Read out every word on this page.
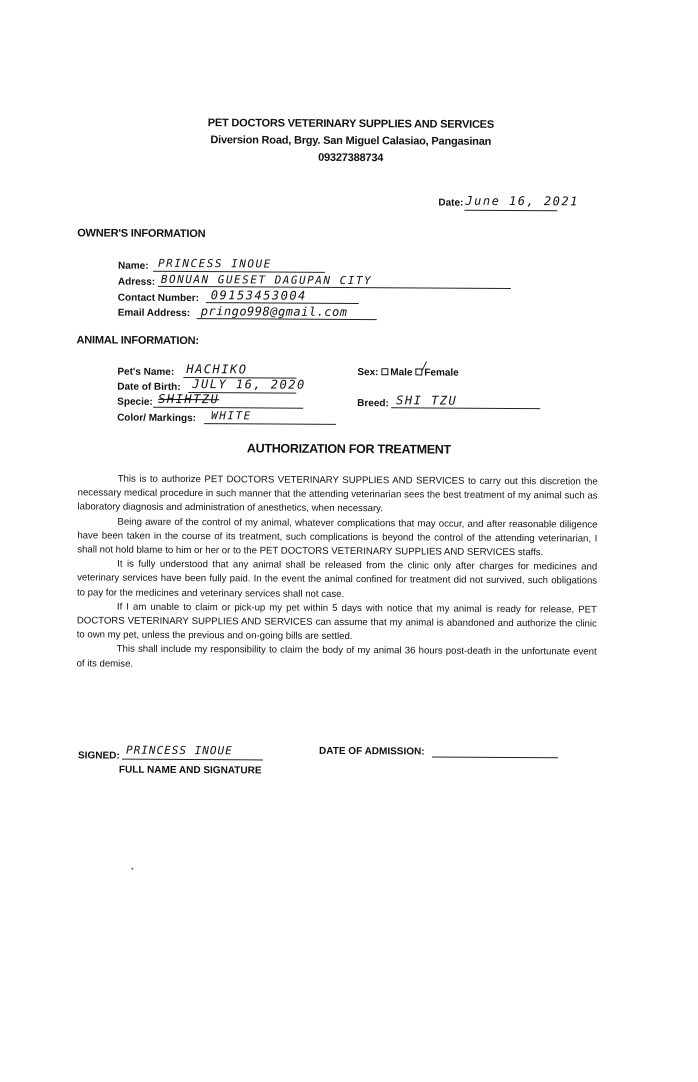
PET DOCTORS VETERINARY SUPPLIES AND SERVICES
Diversion Road, Brgy. San Miguel Calasiao, Pangasinan
09327388734
Date: June 16, 2021
OWNER'S INFORMATION
Name: PRINCESS INOUE
Adress: BONUAN GUESET DAGUPAN CITY
Contact Number: 09153453004
Email Address: pringo998@gmail.com
ANIMAL INFORMATION:
Pet's Name: HACHIKO
Date of Birth: JULY 16, 2020
Specie: SHIHTZU
Color/ Markings: WHITE
Sex: Male Female
/
Breed: SHI TZU
AUTHORIZATION FOR TREATMENT

This is to authorize PET DOCTORS VETERINARY SUPPLIES AND SERVICES to carry out this discretion the necessary medical procedure in such manner that the attending veterinarian sees the best treatment of my animal such as laboratory diagnosis and administration of anesthetics, when necessary.

Being aware of the control of my animal, whatever complications that may occur, and after reasonable diligence have been taken in the course of its treatment, such complications is beyond the control of the attending veterinarian, I shall not hold blame to him or her or to the PET DOCTORS VETERINARY SUPPLIES AND SERVICES staffs.

It is fully understood that any animal shall be released from the clinic only after charges for medicines and veterinary services have been fully paid. In the event the animal confined for treatment did not survived, such obligations to pay for the medicines and veterinary services shall not case.

If I am unable to claim or pick-up my pet within 5 days with notice that my animal is ready for release, PET DOCTORS VETERINARY SUPPLIES AND SERVICES can assume that my animal is abandoned and authorize the clinic to own my pet, unless the previous and on-going bills are settled.

This shall include my responsibility to claim the body of my animal 36 hours post-death in the unfortunate event of its demise.

SIGNED: PRINCESS INOUE
FULL NAME AND SIGNATURE
DATE OF ADMISSION:
